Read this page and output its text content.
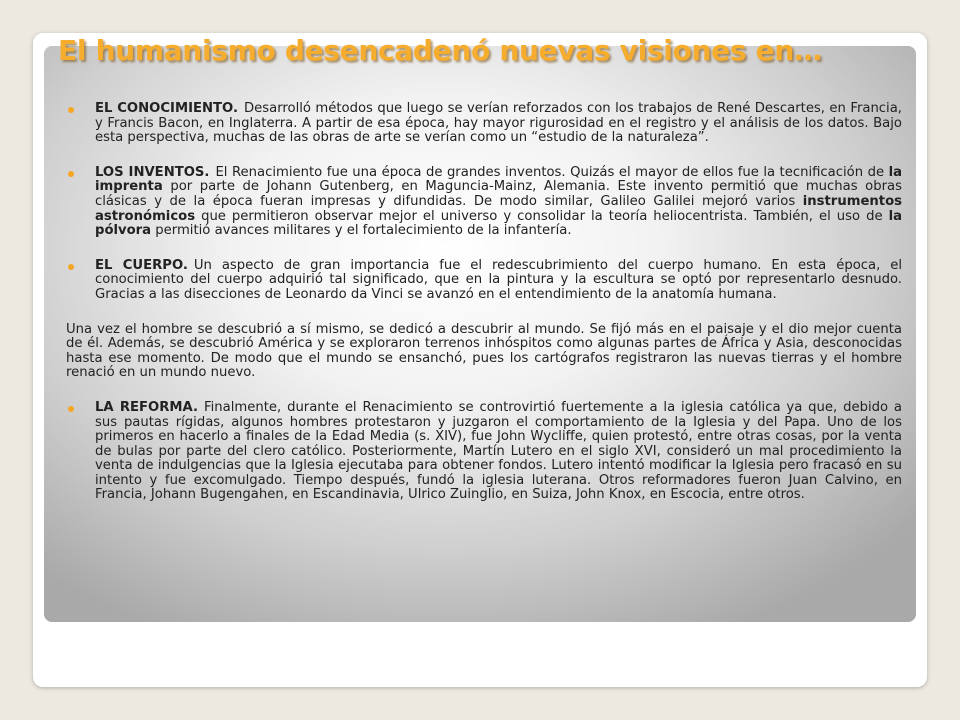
El humanismo desencadenó nuevas visiones en…
EL CONOCIMIENTO. Desarrolló métodos que luego se verían reforzados con los trabajos de René Descartes, en Francia, y Francis Bacon, en Inglaterra. A partir de esa época, hay mayor rigurosidad en el registro y el análisis de los datos. Bajo esta perspectiva, muchas de las obras de arte se verían como un “estudio de la naturaleza”.
LOS INVENTOS. El Renacimiento fue una época de grandes inventos. Quizás el mayor de ellos fue la tecnificación de la imprenta por parte de Johann Gutenberg, en Maguncia-Mainz, Alemania. Este invento permitió que muchas obras clásicas y de la época fueran impresas y difundidas. De modo similar, Galileo Galilei mejoró varios instrumentos astronómicos que permitieron observar mejor el universo y consolidar la teoría heliocentrista. También, el uso de la pólvora permitió avances militares y el fortalecimiento de la infantería.
EL CUERPO. Un aspecto de gran importancia fue el redescubrimiento del cuerpo humano. En esta época, el conocimiento del cuerpo adquirió tal significado, que en la pintura y la escultura se optó por representarlo desnudo. Gracias a las disecciones de Leonardo da Vinci se avanzó en el entendimiento de la anatomía humana.

Una vez el hombre se descubrió a sí mismo, se dedicó a descubrir al mundo. Se fijó más en el paisaje y el dio mejor cuenta de él. Además, se descubrió América y se exploraron terrenos inhóspitos como algunas partes de África y Asia, desconocidas hasta ese momento. De modo que el mundo se ensanchó, pues los cartógrafos registraron las nuevas tierras y el hombre renació en un mundo nuevo.

LA REFORMA. Finalmente, durante el Renacimiento se controvirtió fuertemente a la iglesia católica ya que, debido a sus pautas rígidas, algunos hombres protestaron y juzgaron el comportamiento de la Iglesia y del Papa. Uno de los primeros en hacerlo a finales de la Edad Media (s. XIV), fue John Wycliffe, quien protestó, entre otras cosas, por la venta de bulas por parte del clero católico. Posteriormente, Martín Lutero en el siglo XVI, consideró un mal procedimiento la venta de indulgencias que la Iglesia ejecutaba para obtener fondos. Lutero intentó modificar la Iglesia pero fracasó en su intento y fue excomulgado. Tiempo después, fundó la iglesia luterana. Otros reformadores fueron Juan Calvino, en Francia, Johann Bugengahen, en Escandinavia, Ulrico Zuinglio, en Suiza, John Knox, en Escocia, entre otros.
